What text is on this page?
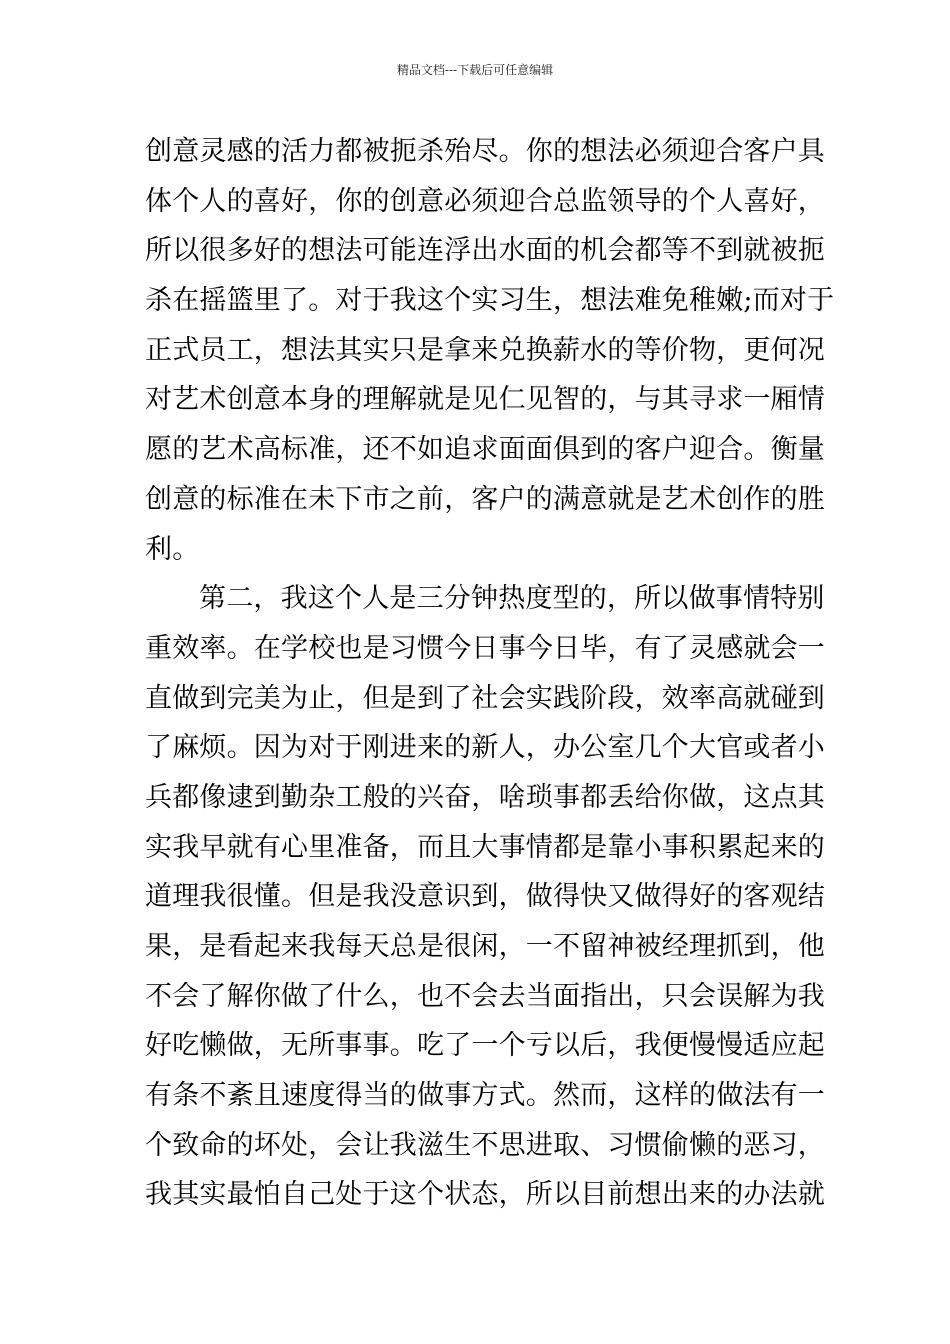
精品文档---下载后可任意编辑
创意灵感的活力都被扼杀殆尽。你的想法必须迎合客户具
体个人的喜好，你的创意必须迎合总监领导的个人喜好，
所以很多好的想法可能连浮出水面的机会都等不到就被扼
杀在摇篮里了。对于我这个实习生，想法难免稚嫩;而对于
正式员工，想法其实只是拿来兑换薪水的等价物，更何况
对艺术创意本身的理解就是见仁见智的，与其寻求一厢情
愿的艺术高标准，还不如追求面面俱到的客户迎合。衡量
创意的标准在未下市之前，客户的满意就是艺术创作的胜
利。
第二，我这个人是三分钟热度型的，所以做事情特别
重效率。在学校也是习惯今日事今日毕，有了灵感就会一
直做到完美为止，但是到了社会实践阶段，效率高就碰到
了麻烦。因为对于刚进来的新人，办公室几个大官或者小
兵都像逮到勤杂工般的兴奋，啥琐事都丢给你做，这点其
实我早就有心里准备，而且大事情都是靠小事积累起来的
道理我很懂。但是我没意识到，做得快又做得好的客观结
果，是看起来我每天总是很闲，一不留神被经理抓到，他
不会了解你做了什么，也不会去当面指出，只会误解为我
好吃懒做，无所事事。吃了一个亏以后，我便慢慢适应起
有条不紊且速度得当的做事方式。然而，这样的做法有一
个致命的坏处，会让我滋生不思进取、习惯偷懒的恶习，
我其实最怕自己处于这个状态，所以目前想出来的办法就
